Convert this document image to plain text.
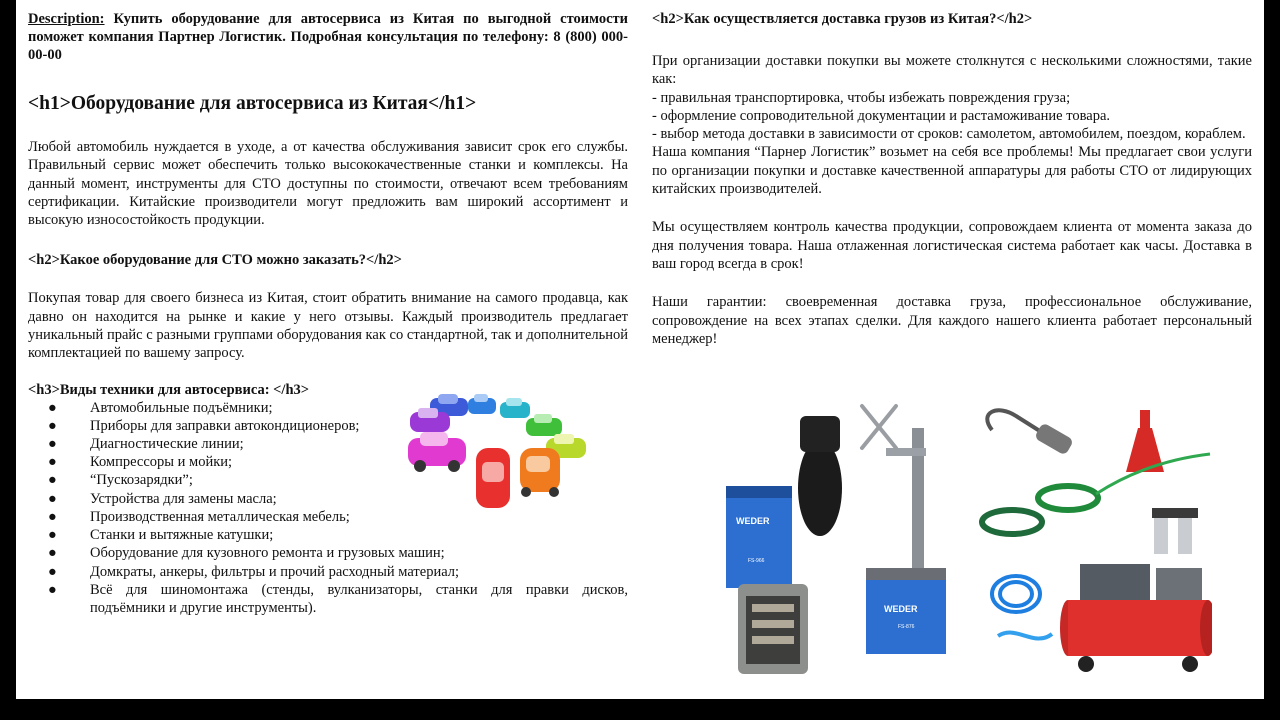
Description: Купить оборудование для автосервиса из Китая по выгодной стоимости поможет компания Партнер Логистик. Подробная консультация по телефону: 8 (800) 000-00-00

<h1>Оборудование для автосервиса из Китая</h1>

Любой автомобиль нуждается в уходе, а от качества обслуживания зависит срок его службы. Правильный сервис может обеспечить только высококачественные станки и комплексы. На данный момент, инструменты для СТО доступны по стоимости, отвечают всем требованиям сертификации. Китайские производители могут предложить вам широкий ассортимент и высокую износостойкость продукции.

<h2>Какое оборудование для СТО можно заказать?</h2>

Покупая товар для своего бизнеса из Китая, стоит обратить внимание на самого продавца, как давно он находится на рынке и какие у него отзывы. Каждый производитель предлагает уникальный прайс с разными группами оборудования как со стандартной, так и дополнительной комплектацией по вашему запросу.

<h3>Виды техники для автосервиса: </h3>
● Автомобильные подъёмники;
● Приборы для заправки автокондиционеров;
● Диагностические линии;
● Компрессоры и мойки;
● “Пускозарядки”;
● Устройства для замены масла;
● Производственная металлическая мебель;
● Станки и вытяжные катушки;
● Оборудование для кузовного ремонта и грузовых машин;
● Домкраты, анкеры, фильтры и прочий расходный материал;
● Всё для шиномонтажа (стенды, вулканизаторы, станки для правки дисков, подъёмники и другие инструменты).
<h2>Как осуществляется доставка грузов из Китая?</h2>

При организации доставки покупки вы можете столкнутся с несколькими сложностями, такие как:
- правильная транспортировка, чтобы избежать повреждения груза;
- оформление сопроводительной документации и растаможивание товара.
- выбор метода доставки в зависимости от сроков: самолетом, автомобилем, поездом, кораблем.
Наша компания “Парнер Логистик” возьмет на себя все проблемы! Мы предлагает свои услуги по организации покупки и доставке качественной аппаратуры для работы СТО от лидирующих китайских производителей.

Мы осуществляем контроль качества продукции, сопровождаем клиента от момента заказа до дня получения товара. Наша отлаженная логистическая система работает как часы. Доставка в ваш город всегда в срок!

Наши гарантии: своевременная доставка груза, профессиональное обслуживание, сопровождение на всех этапах сделки. Для каждого нашего клиента работает персональный менеджер!

WEDER
FS-966
WEDER
FS-876
